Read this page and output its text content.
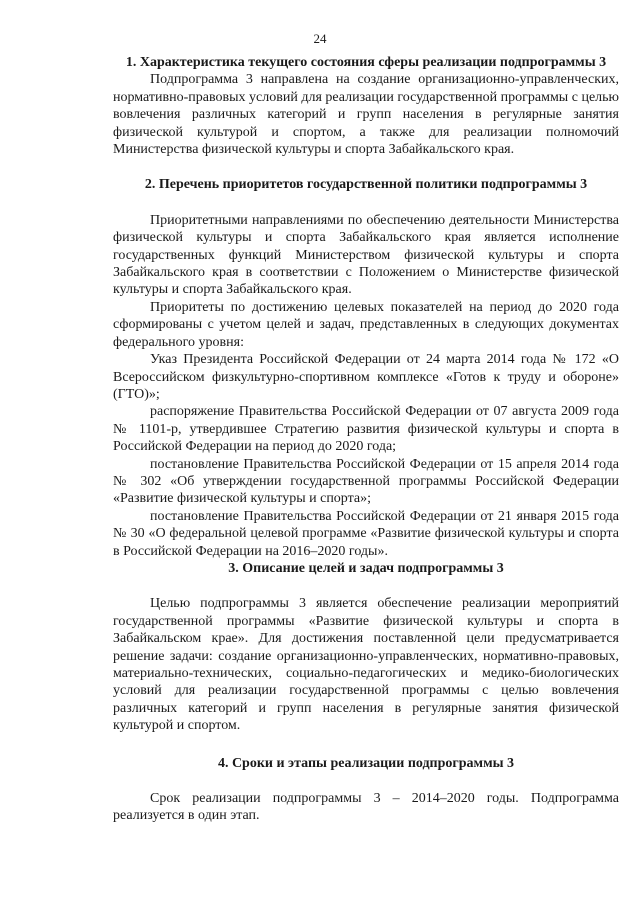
24
1. Характеристика текущего состояния сферы реализации подпрограммы 3

Подпрограмма 3 направлена на создание организационно-управленческих, нормативно-правовых условий для реализации государственной программы с целью вовлечения различных категорий и групп населения в регулярные занятия физической культурой и спортом, а также для реализации полномочий Министерства физической культуры и спорта Забайкальского края.

2. Перечень приоритетов государственной политики подпрограммы 3

Приоритетными направлениями по обеспечению деятельности Министерства физической культуры и спорта Забайкальского края является исполнение государственных функций Министерством физической культуры и спорта Забайкальского края в соответствии с Положением о Министерстве физической культуры и спорта Забайкальского края.

Приоритеты по достижению целевых показателей на период до 2020 года сформированы с учетом целей и задач, представленных в следующих документах федерального уровня:

Указ Президента Российской Федерации от 24 марта 2014 года № 172 «О Всероссийском физкультурно-спортивном комплексе «Готов к труду и обороне» (ГТО)»;

распоряжение Правительства Российской Федерации от 07 августа 2009 года № 1101-р, утвердившее Стратегию развития физической культуры и спорта в Российской Федерации на период до 2020 года;

постановление Правительства Российской Федерации от 15 апреля 2014 года № 302 «Об утверждении государственной программы Российской Федерации «Развитие физической культуры и спорта»;

постановление Правительства Российской Федерации от 21 января 2015 года № 30 «О федеральной целевой программе «Развитие физической культуры и спорта в Российской Федерации на 2016–2020 годы».

3. Описание целей и задач подпрограммы 3

Целью подпрограммы 3 является обеспечение реализации мероприятий государственной программы «Развитие физической культуры и спорта в Забайкальском крае». Для достижения поставленной цели предусматривается решение задачи: создание организационно-управленческих, нормативно-правовых, материально-технических, социально-педагогических и медико-биологических условий для реализации государственной программы с целью вовлечения различных категорий и групп населения в регулярные занятия физической культурой и спортом.

4. Сроки и этапы реализации подпрограммы 3

Срок реализации подпрограммы 3 – 2014–2020 годы. Подпрограмма реализуется в один этап.
